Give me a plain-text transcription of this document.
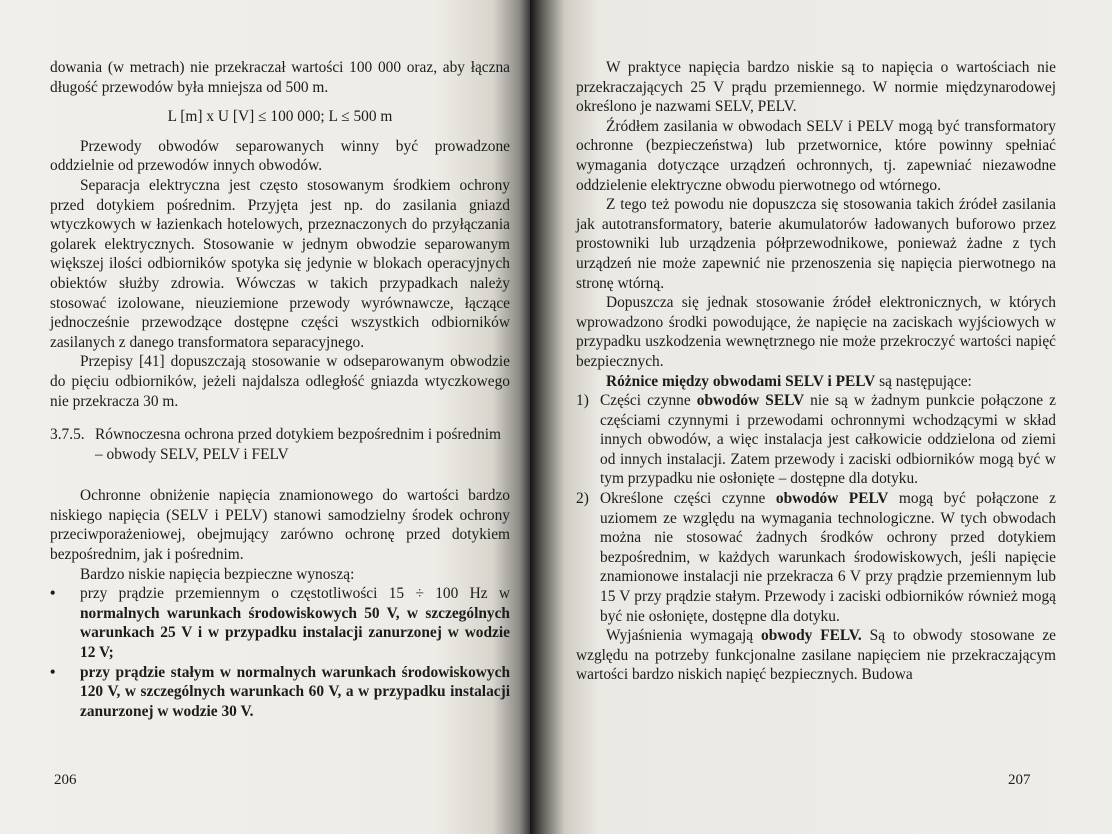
dowania (w metrach) nie przekraczał wartości 100 000 oraz, aby łączna długość przewodów była mniejsza od 500 m.

L [m] x U [V] ≤ 100 000; L ≤ 500 m

Przewody obwodów separowanych winny być prowadzone oddzielnie od przewodów innych obwodów.

Separacja elektryczna jest często stosowanym środkiem ochrony przed dotykiem pośrednim. Przyjęta jest np. do zasilania gniazd wtyczkowych w łazienkach hotelowych, przeznaczonych do przyłączania golarek elektrycznych. Stosowanie w jednym obwodzie separowanym większej ilości odbiorników spotyka się jedynie w blokach operacyjnych obiektów służby zdrowia. Wówczas w takich przypadkach należy stosować izolowane, nieuziemione przewody wyrównawcze, łączące jednocześnie przewodzące dostępne części wszystkich odbiorników zasilanych z danego transformatora separacyjnego.

Przepisy [41] dopuszczają stosowanie w odseparowanym obwodzie do pięciu odbiorników, jeżeli najdalsza odległość gniazda wtyczkowego nie przekracza 30 m.

3.7.5. Równoczesna ochrona przed dotykiem bezpośrednim i pośrednim – obwody SELV, PELV i FELV

Ochronne obniżenie napięcia znamionowego do wartości bardzo niskiego napięcia (SELV i PELV) stanowi samodzielny środek ochrony przeciwporażeniowej, obejmujący zarówno ochronę przed dotykiem bezpośrednim, jak i pośrednim.

Bardzo niskie napięcia bezpieczne wynoszą:

•	przy prądzie przemiennym o częstotliwości 15 ÷ 100 Hz w normalnych warunkach środowiskowych 50 V, w szczególnych warunkach 25 V i w przypadku instalacji zanurzonej w wodzie 12 V;
•	przy prądzie stałym w normalnych warunkach środowiskowych 120 V, w szczególnych warunkach 60 V, a w przypadku instalacji zanurzonej w wodzie 30 V.
206

W praktyce napięcia bardzo niskie są to napięcia o wartościach nie przekraczających 25 V prądu przemiennego. W normie międzynarodowej określono je nazwami SELV, PELV.

Źródłem zasilania w obwodach SELV i PELV mogą być transformatory ochronne (bezpieczeństwa) lub przetwornice, które powinny spełniać wymagania dotyczące urządzeń ochronnych, tj. zapewniać niezawodne oddzielenie elektryczne obwodu pierwotnego od wtórnego.

Z tego też powodu nie dopuszcza się stosowania takich źródeł zasilania jak autotransformatory, baterie akumulatorów ładowanych buforowo przez prostowniki lub urządzenia półprzewodnikowe, ponieważ żadne z tych urządzeń nie może zapewnić nie przenoszenia się napięcia pierwotnego na stronę wtórną.

Dopuszcza się jednak stosowanie źródeł elektronicznych, w których wprowadzono środki powodujące, że napięcie na zaciskach wyjściowych w przypadku uszkodzenia wewnętrznego nie może przekroczyć wartości napięć bezpiecznych.

Różnice między obwodami SELV i PELV są następujące:

1) Części czynne obwodów SELV nie są w żadnym punkcie połączone z częściami czynnymi i przewodami ochronnymi wchodzącymi w skład innych obwodów, a więc instalacja jest całkowicie oddzielona od ziemi od innych instalacji. Zatem przewody i zaciski odbiorników mogą być w tym przypadku nie osłonięte – dostępne dla dotyku.
2) Określone części czynne obwodów PELV mogą być połączone z uziomem ze względu na wymagania technologiczne. W tych obwodach można nie stosować żadnych środków ochrony przed dotykiem bezpośrednim, w każdych warunkach środowiskowych, jeśli napięcie znamionowe instalacji nie przekracza 6 V przy prądzie przemiennym lub 15 V przy prądzie stałym. Przewody i zaciski odbiorników również mogą być nie osłonięte, dostępne dla dotyku.

Wyjaśnienia wymagają obwody FELV. Są to obwody stosowane ze względu na potrzeby funkcjonalne zasilane napięciem nie przekraczającym wartości bardzo niskich napięć bezpiecznych. Budowa

207
